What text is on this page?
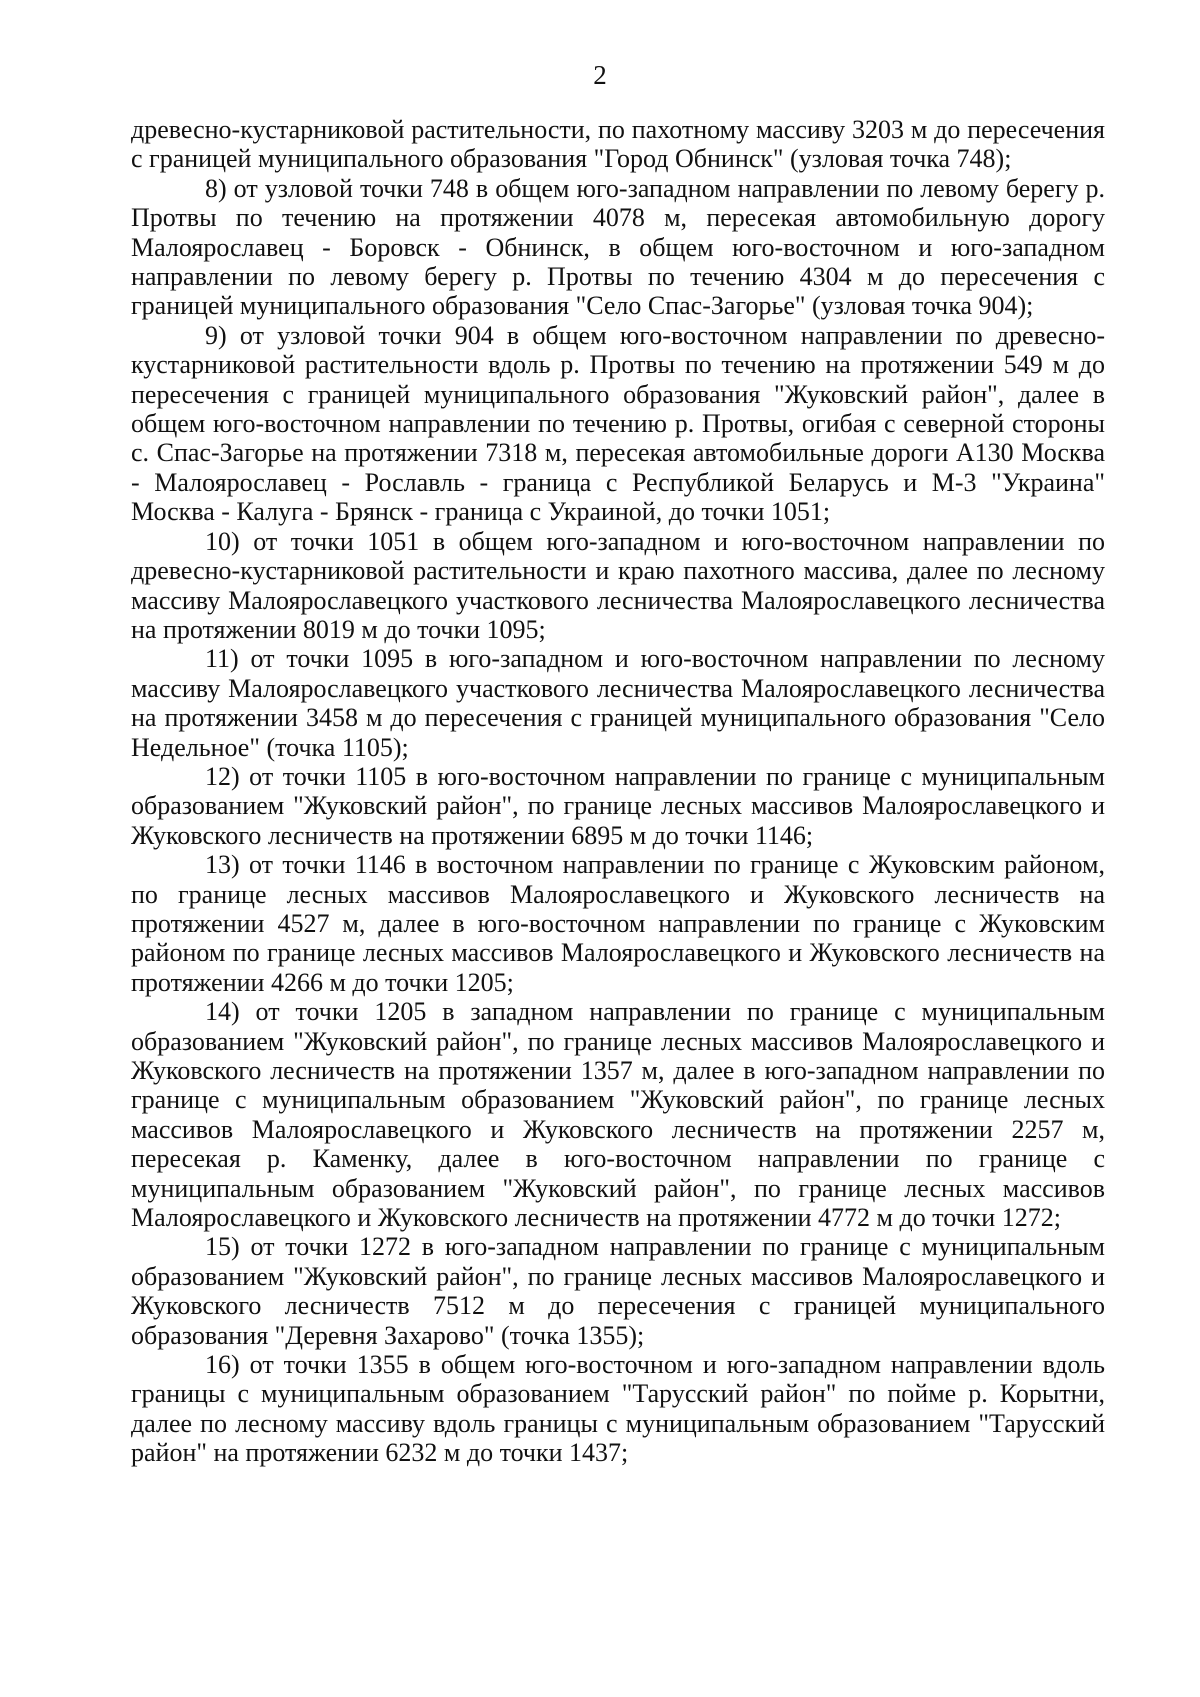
2

древесно-кустарниковой растительности, по пахотному массиву 3203 м до пересечения с границей муниципального образования "Город Обнинск" (узловая точка 748);

8) от узловой точки 748 в общем юго-западном направлении по левому берегу р. Протвы по течению на протяжении 4078 м, пересекая автомобильную дорогу Малоярославец - Боровск - Обнинск, в общем юго-восточном и юго-западном направлении по левому берегу р. Протвы по течению 4304 м до пересечения с границей муниципального образования "Село Спас-Загорье" (узловая точка 904);

9) от узловой точки 904 в общем юго-восточном направлении по древесно-кустарниковой растительности вдоль р. Протвы по течению на протяжении 549 м до пересечения с границей муниципального образования "Жуковский район", далее в общем юго-восточном направлении по течению р. Протвы, огибая с северной стороны с. Спас-Загорье на протяжении 7318 м, пересекая автомобильные дороги А130 Москва - Малоярославец - Рославль - граница с Республикой Беларусь и М-3 "Украина" Москва - Калуга - Брянск - граница с Украиной, до точки 1051;

10) от точки 1051 в общем юго-западном и юго-восточном направлении по древесно-кустарниковой растительности и краю пахотного массива, далее по лесному массиву Малоярославецкого участкового лесничества Малоярославецкого лесничества на протяжении 8019 м до точки 1095;

11) от точки 1095 в юго-западном и юго-восточном направлении по лесному массиву Малоярославецкого участкового лесничества Малоярославецкого лесничества на протяжении 3458 м до пересечения с границей муниципального образования "Село Недельное" (точка 1105);

12) от точки 1105 в юго-восточном направлении по границе с муниципальным образованием "Жуковский район", по границе лесных массивов Малоярославецкого и Жуковского лесничеств на протяжении 6895 м до точки 1146;

13) от точки 1146 в восточном направлении по границе с Жуковским районом, по границе лесных массивов Малоярославецкого и Жуковского лесничеств на протяжении 4527 м, далее в юго-восточном направлении по границе с Жуковским районом по границе лесных массивов Малоярославецкого и Жуковского лесничеств на протяжении 4266 м до точки 1205;

14) от точки 1205 в западном направлении по границе с муниципальным образованием "Жуковский район", по границе лесных массивов Малоярославецкого и Жуковского лесничеств на протяжении 1357 м, далее в юго-западном направлении по границе с муниципальным образованием "Жуковский район", по границе лесных массивов Малоярославецкого и Жуковского лесничеств на протяжении 2257 м, пересекая р. Каменку, далее в юго-восточном направлении по границе с муниципальным образованием "Жуковский район", по границе лесных массивов Малоярославецкого и Жуковского лесничеств на протяжении 4772 м до точки 1272;

15) от точки 1272 в юго-западном направлении по границе с муниципальным образованием "Жуковский район", по границе лесных массивов Малоярославецкого и Жуковского лесничеств 7512 м до пересечения с границей муниципального образования "Деревня Захарово" (точка 1355);

16) от точки 1355 в общем юго-восточном и юго-западном направлении вдоль границы с муниципальным образованием "Тарусский район" по пойме р. Корытни, далее по лесному массиву вдоль границы с муниципальным образованием "Тарусский район" на протяжении 6232 м до точки 1437;
